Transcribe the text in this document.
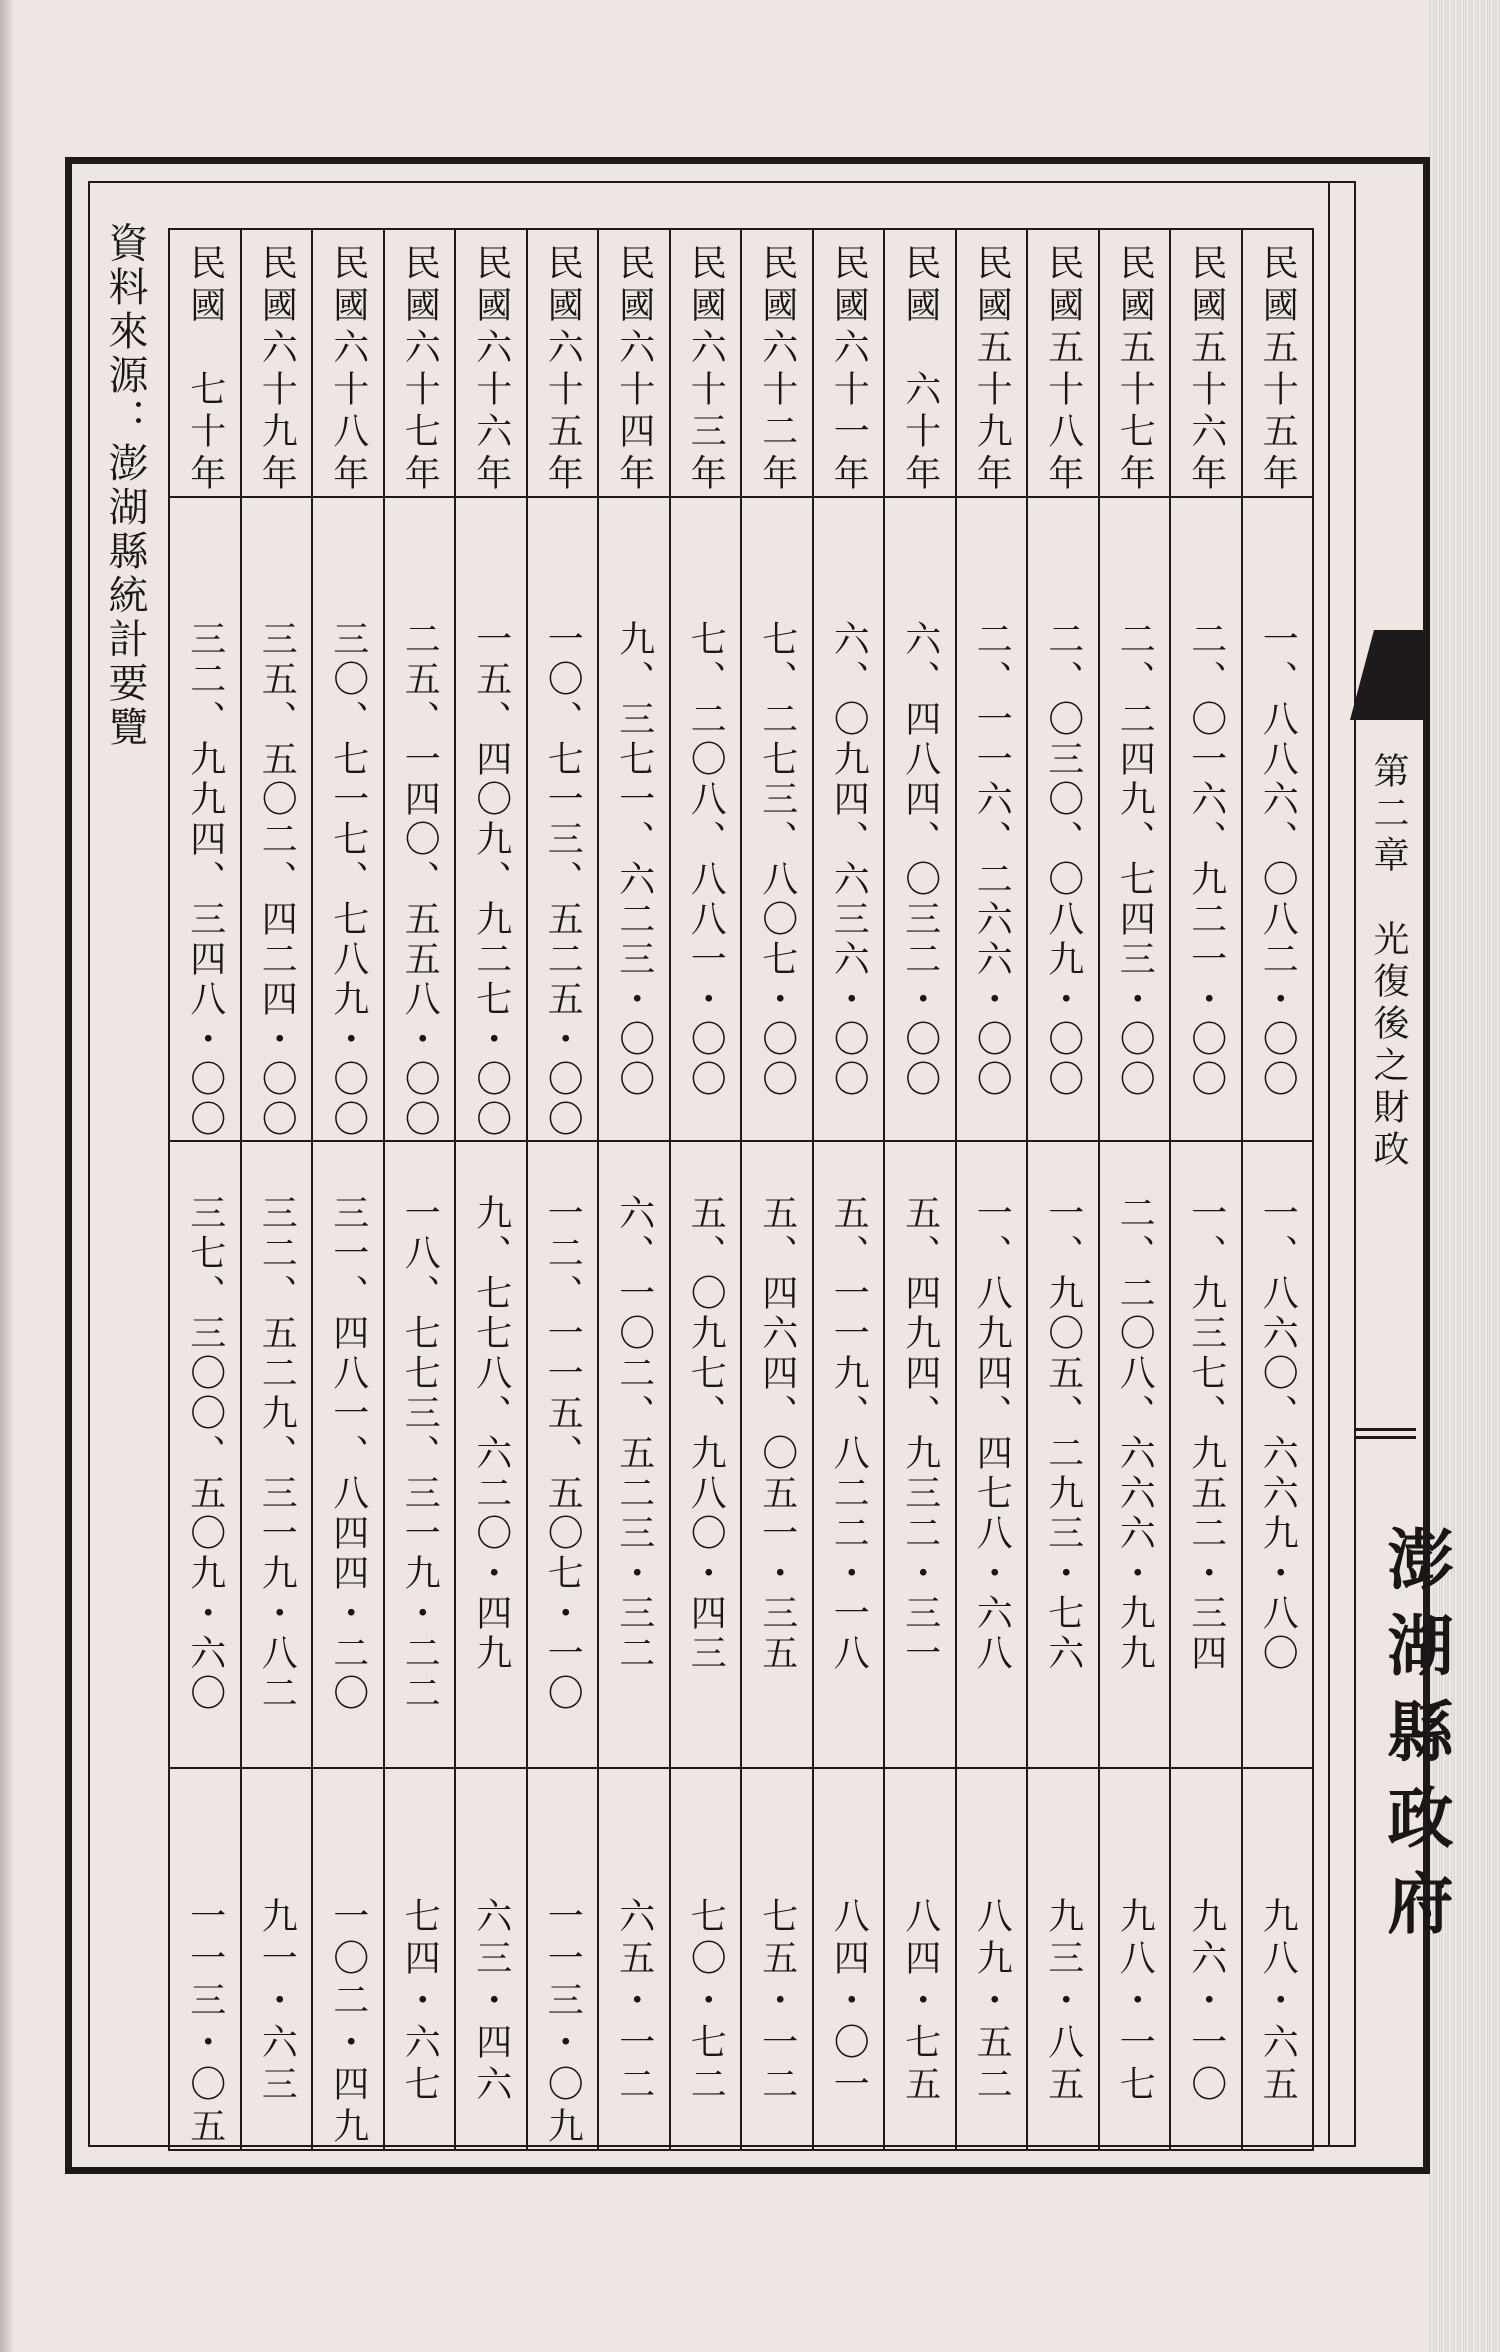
第二章　光復後之財政
澎湖縣政府
資料來源：澎湖縣統計要覽 民國　七十年	民國六十九年	民國六十八年	民國六十七年	民國六十六年	民國六十五年	民國六十四年	民國六十三年	民國六十二年	民國六十一年	民國　六十年	民國五十九年	民國五十八年	民國五十七年	民國五十六年	民國五十五年

三二、九九四、三四八・〇〇	三五、五〇二、四二四・〇〇	三〇、七一七、七八九・〇〇	二五、一四〇、五五八・〇〇	一五、四〇九、九二七・〇〇	一〇、七一三、五二五・〇〇	九、三七一、六二三・〇〇	七、二〇八、八八一・〇〇	七、二七三、八〇七・〇〇	六、〇九四、六三六・〇〇	六、四八四、〇三二・〇〇	二、一一六、二六六・〇〇	二、〇三〇、〇八九・〇〇	二、二四九、七四三・〇〇	二、〇一六、九二一・〇〇	一、八八六、〇八二・〇〇

三七、三〇〇、五〇九・六〇	三二、五二九、三一九・八二	三一、四八一、八四四・二〇	一八、七七三、三一九・二二	九、七七八、六二〇・四九	一二、一一五、五〇七・一〇	六、一〇二、五二三・三二	五、〇九七、九八〇・四三	五、四六四、〇五一・三五	五、一一九、八二二・一八	五、四九四、九三二・三一	一、八九四、四七八・六八	一、九〇五、二九三・七六	二、二〇八、六六六・九九	一、九三七、九五二・三四	一、八六〇、六六九・八〇

一一三・〇五	九一・六三	一〇二・四九	七四・六七	六三・四六	一一三・〇九	六五・一二	七〇・七二	七五・一二	八四・〇一	八四・七五	八九・五二	九三・八五	九八・一七	九六・一〇	九八・六五
